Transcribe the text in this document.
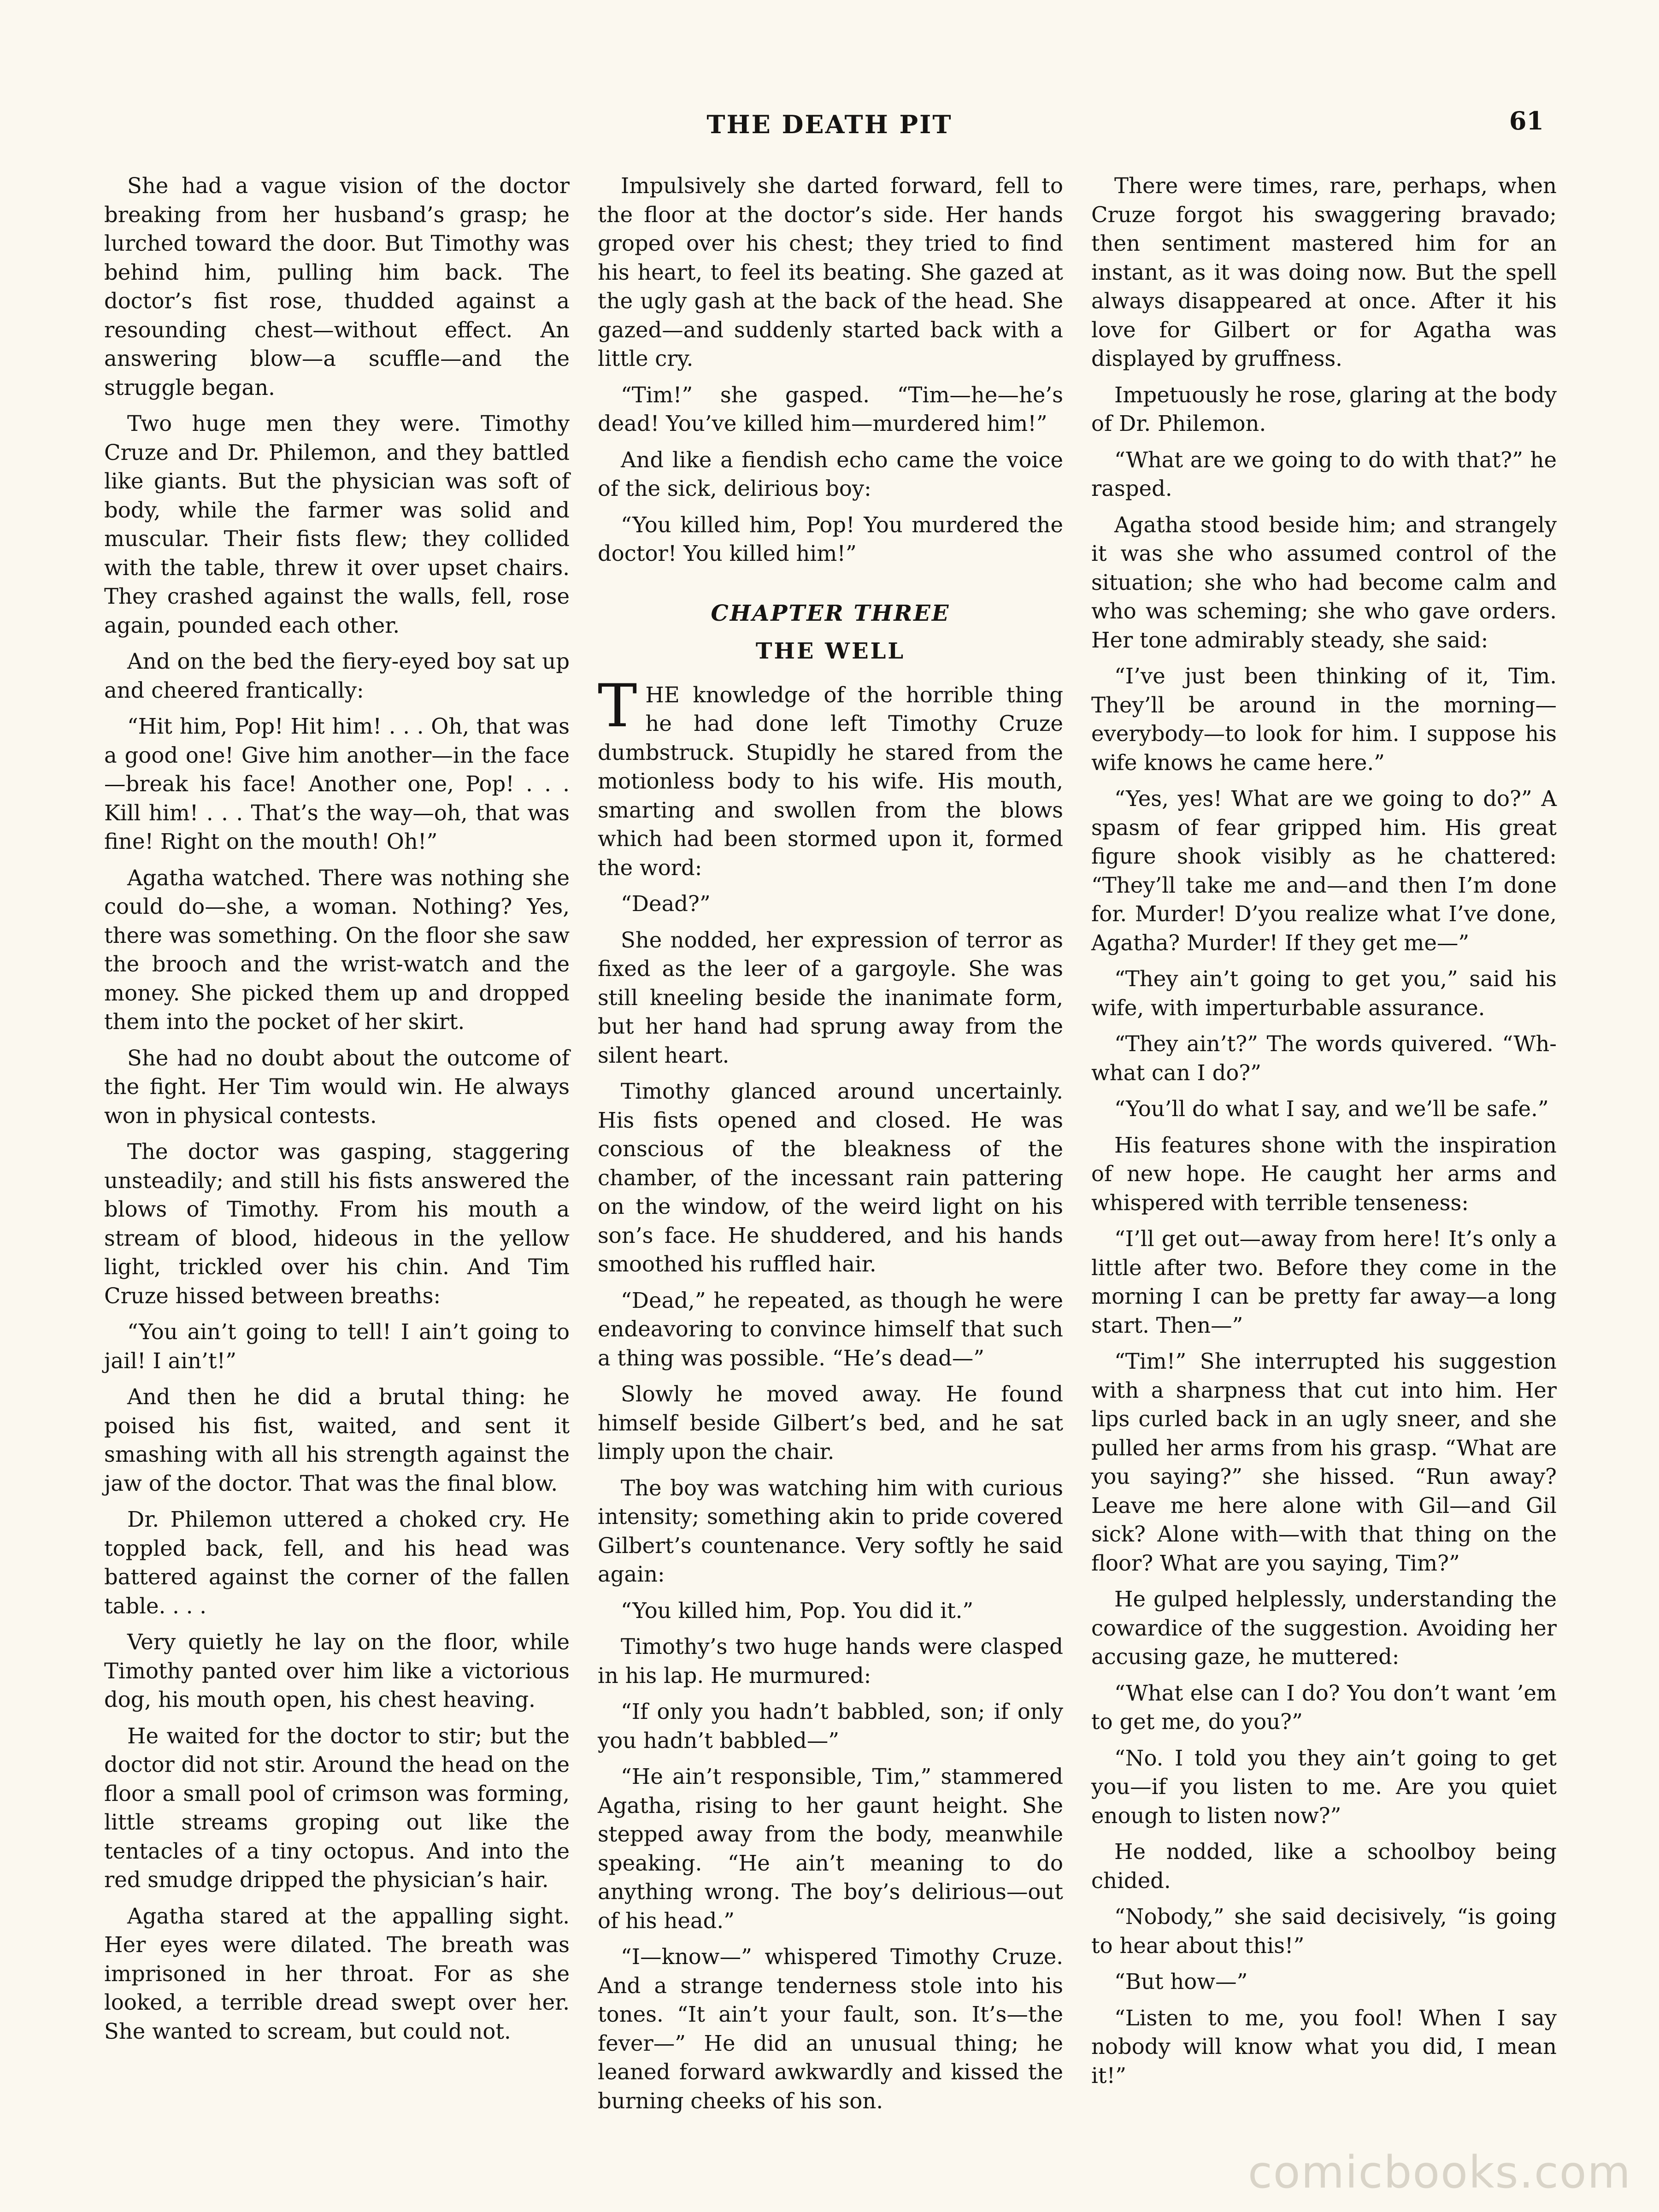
THE DEATH PIT	61

She had a vague vision of the doctor breaking from her husband’s grasp; he lurched toward the door. But Timothy was behind him, pulling him back. The doctor’s fist rose, thudded against a resounding chest—without effect. An answering blow—a scuffle—and the struggle began.

Two huge men they were. Timothy Cruze and Dr. Philemon, and they battled like giants. But the physician was soft of body, while the farmer was solid and muscular. Their fists flew; they collided with the table, threw it over upset chairs. They crashed against the walls, fell, rose again, pounded each other.

And on the bed the fiery-eyed boy sat up and cheered frantically:

“Hit him, Pop! Hit him! . . . Oh, that was a good one! Give him another—in the face—break his face! Another one, Pop! . . . Kill him! . . . That’s the way—oh, that was fine! Right on the mouth! Oh!”

Agatha watched. There was nothing she could do—she, a woman. Nothing? Yes, there was something. On the floor she saw the brooch and the wrist-watch and the money. She picked them up and dropped them into the pocket of her skirt.

She had no doubt about the outcome of the fight. Her Tim would win. He always won in physical contests.

The doctor was gasping, staggering unsteadily; and still his fists answered the blows of Timothy. From his mouth a stream of blood, hideous in the yellow light, trickled over his chin. And Tim Cruze hissed between breaths:

“You ain’t going to tell! I ain’t going to jail! I ain’t!”

And then he did a brutal thing: he poised his fist, waited, and sent it smashing with all his strength against the jaw of the doctor. That was the final blow.

Dr. Philemon uttered a choked cry. He toppled back, fell, and his head was battered against the corner of the fallen table. . . .

Very quietly he lay on the floor, while Timothy panted over him like a victorious dog, his mouth open, his chest heaving.

He waited for the doctor to stir; but the doctor did not stir. Around the head on the floor a small pool of crimson was forming, little streams groping out like the tentacles of a tiny octopus. And into the red smudge dripped the physician’s hair.

Agatha stared at the appalling sight. Her eyes were dilated. The breath was imprisoned in her throat. For as she looked, a terrible dread swept over her. She wanted to scream, but could not.

Impulsively she darted forward, fell to the floor at the doctor’s side. Her hands groped over his chest; they tried to find his heart, to feel its beating. She gazed at the ugly gash at the back of the head. She gazed—and suddenly started back with a little cry.

“Tim!” she gasped. “Tim—he—he’s dead! You’ve killed him—murdered him!”

And like a fiendish echo came the voice of the sick, delirious boy:

“You killed him, Pop! You murdered the doctor! You killed him!”

CHAPTER THREE
THE WELL

THE knowledge of the horrible thing he had done left Timothy Cruze dumbstruck. Stupidly he stared from the motionless body to his wife. His mouth, smarting and swollen from the blows which had been stormed upon it, formed the word:

“Dead?”

She nodded, her expression of terror as fixed as the leer of a gargoyle. She was still kneeling beside the inanimate form, but her hand had sprung away from the silent heart.

Timothy glanced around uncertainly. His fists opened and closed. He was conscious of the bleakness of the chamber, of the incessant rain pattering on the window, of the weird light on his son’s face. He shuddered, and his hands smoothed his ruffled hair.

“Dead,” he repeated, as though he were endeavoring to convince himself that such a thing was possible. “He’s dead—”

Slowly he moved away. He found himself beside Gilbert’s bed, and he sat limply upon the chair.

The boy was watching him with curious intensity; something akin to pride covered Gilbert’s countenance. Very softly he said again:

“You killed him, Pop. You did it.”

Timothy’s two huge hands were clasped in his lap. He murmured:

“If only you hadn’t babbled, son; if only you hadn’t babbled—”

“He ain’t responsible, Tim,” stammered Agatha, rising to her gaunt height. She stepped away from the body, meanwhile speaking. “He ain’t meaning to do anything wrong. The boy’s delirious—out of his head.”

“I—know—” whispered Timothy Cruze. And a strange tenderness stole into his tones. “It ain’t your fault, son. It’s—the fever—” He did an unusual thing; he leaned forward awkwardly and kissed the burning cheeks of his son.

There were times, rare, perhaps, when Cruze forgot his swaggering bravado; then sentiment mastered him for an instant, as it was doing now. But the spell always disappeared at once. After it his love for Gilbert or for Agatha was displayed by gruffness.

Impetuously he rose, glaring at the body of Dr. Philemon.

“What are we going to do with that?” he rasped.

Agatha stood beside him; and strangely it was she who assumed control of the situation; she who had become calm and who was scheming; she who gave orders. Her tone admirably steady, she said:

“I’ve just been thinking of it, Tim. They’ll be around in the morning—everybody—to look for him. I suppose his wife knows he came here.”

“Yes, yes! What are we going to do?” A spasm of fear gripped him. His great figure shook visibly as he chattered: “They’ll take me and—and then I’m done for. Murder! D’you realize what I’ve done, Agatha? Murder! If they get me—”

“They ain’t going to get you,” said his wife, with imperturbable assurance.

“They ain’t?” The words quivered. “Wh-what can I do?”

“You’ll do what I say, and we’ll be safe.”

His features shone with the inspiration of new hope. He caught her arms and whispered with terrible tenseness:

“I’ll get out—away from here! It’s only a little after two. Before they come in the morning I can be pretty far away—a long start. Then—”

“Tim!” She interrupted his suggestion with a sharpness that cut into him. Her lips curled back in an ugly sneer, and she pulled her arms from his grasp. “What are you saying?” she hissed. “Run away? Leave me here alone with Gil—and Gil sick? Alone with—with that thing on the floor? What are you saying, Tim?”

He gulped helplessly, understanding the cowardice of the suggestion. Avoiding her accusing gaze, he muttered:

“What else can I do? You don’t want ’em to get me, do you?”

“No. I told you they ain’t going to get you—if you listen to me. Are you quiet enough to listen now?”

He nodded, like a schoolboy being chided.

“Nobody,” she said decisively, “is going to hear about this!”

“But how—”

“Listen to me, you fool! When I say nobody will know what you did, I mean it!”

comicbooks.com
